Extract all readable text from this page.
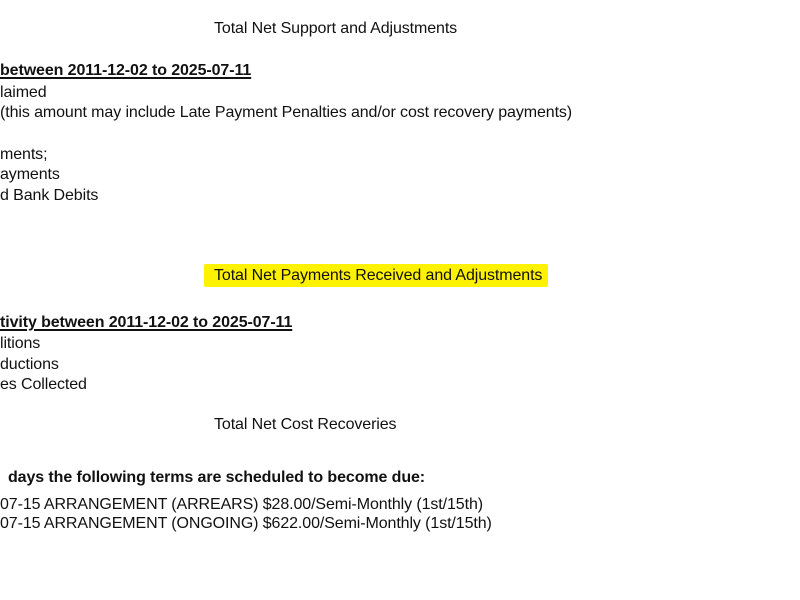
Total Net Support and Adjustments
between 2011-12-02 to 2025-07-11
laimed
(this amount may include Late Payment Penalties and/or cost recovery payments)
ments;
ayments
d Bank Debits
Total Net Payments Received and Adjustments
tivity between 2011-12-02 to 2025-07-11
litions
ductions
es Collected
Total Net Cost Recoveries
days the following terms are scheduled to become due:
07-15 ARRANGEMENT (ARREARS) $28.00/Semi-Monthly (1st/15th)
07-15 ARRANGEMENT (ONGOING) $622.00/Semi-Monthly (1st/15th)
